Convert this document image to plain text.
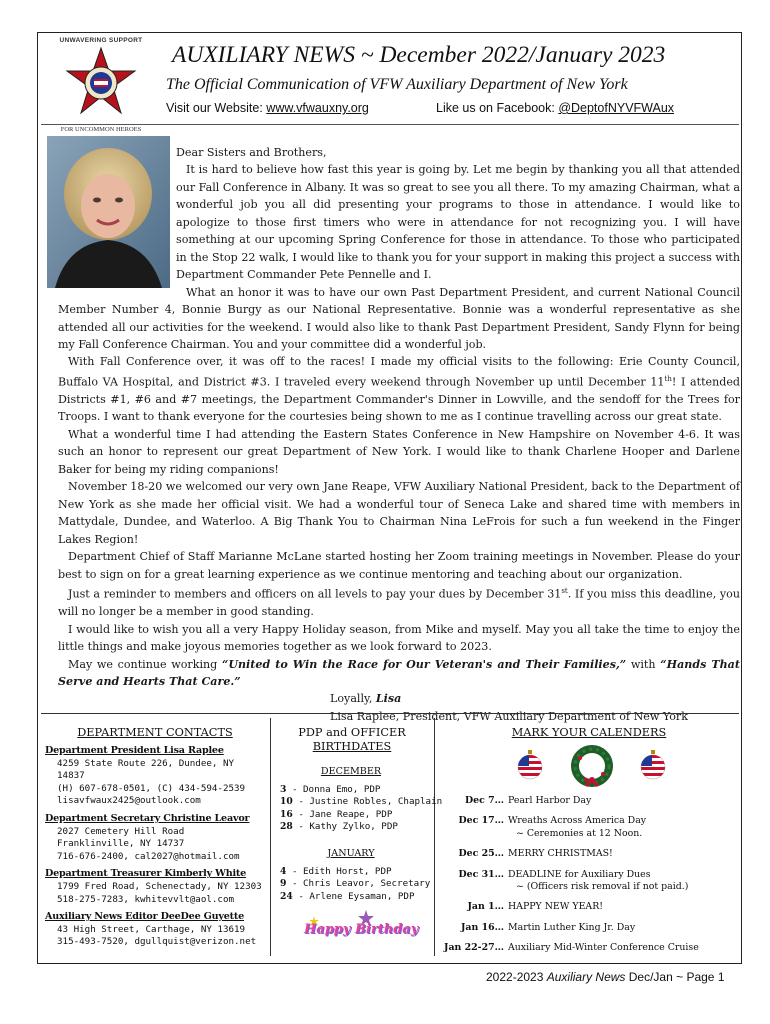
UNWAVERING SUPPORT
FOR UNCOMMON HEROES
AUXILIARY NEWS ~ December 2022/January 2023
The Official Communication of VFW Auxiliary Department of New York
Visit our Website: www.vfwauxny.org	Like us on Facebook: @DeptofNYVFWAux

Dear Sisters and Brothers,

It is hard to believe how fast this year is going by. Let me begin by thanking you all that attended our Fall Conference in Albany. It was so great to see you all there. To my amazing Chairman, what a wonderful job you all did presenting your programs to those in attendance. I would like to apologize to those first timers who were in attendance for not recognizing you. I will have something at our upcoming Spring Conference for those in attendance. To those who participated in the Stop 22 walk, I would like to thank you for your support in making this project a success with Department Commander Pete Pennelle and I.

What an honor it was to have our own Past Department President, and current National Council Member Number 4, Bonnie Burgy as our National Representative. Bonnie was a wonderful representative as she attended all our activities for the weekend. I would also like to thank Past Department President, Sandy Flynn for being my Fall Conference Chairman. You and your committee did a wonderful job.

With Fall Conference over, it was off to the races! I made my official visits to the following: Erie County Council, Buffalo VA Hospital, and District #3. I traveled every weekend through November up until December 11th! I attended Districts #1, #6 and #7 meetings, the Department Commander's Dinner in Lowville, and the sendoff for the Trees for Troops. I want to thank everyone for the courtesies being shown to me as I continue travelling across our great state.

What a wonderful time I had attending the Eastern States Conference in New Hampshire on November 4-6. It was such an honor to represent our great Department of New York. I would like to thank Charlene Hooper and Darlene Baker for being my riding companions!

November 18-20 we welcomed our very own Jane Reape, VFW Auxiliary National President, back to the Department of New York as she made her official visit. We had a wonderful tour of Seneca Lake and shared time with members in Mattydale, Dundee, and Waterloo. A Big Thank You to Chairman Nina LeFrois for such a fun weekend in the Finger Lakes Region!

Department Chief of Staff Marianne McLane started hosting her Zoom training meetings in November. Please do your best to sign on for a great learning experience as we continue mentoring and teaching about our organization.

Just a reminder to members and officers on all levels to pay your dues by December 31st. If you miss this deadline, you will no longer be a member in good standing.

I would like to wish you all a very Happy Holiday season, from Mike and myself. May you all take the time to enjoy the little things and make joyous memories together as we look forward to 2023.

May we continue working “United to Win the Race for Our Veteran's and Their Families,” with “Hands That Serve and Hearts That Care.”

Loyally, Lisa

Lisa Raplee, President, VFW Auxiliary Department of New York

DEPARTMENT CONTACTS
Department President Lisa Raplee
4259 State Route 226, Dundee, NY 14837
(H) 607-678-0501, (C) 434-594-2539
lisavfwaux2425@outlook.com
Department Secretary Christine Leavor
2027 Cemetery Hill Road
Franklinville, NY 14737
716-676-2400, cal2027@hotmail.com
Department Treasurer Kimberly White
1799 Fred Road, Schenectady, NY 12303
518-275-7283, kwhitevvlt@aol.com
Auxiliary News Editor DeeDee Guyette
43 High Street, Carthage, NY 13619
315-493-7520, dgullquist@verizon.net
PDP and OFFICER
BIRTHDATES
DECEMBER
3 - Donna Emo, PDP
10 - Justine Robles, Chaplain
16 - Jane Reape, PDP
28 - Kathy Zylko, PDP
JANUARY
4 - Edith Horst, PDP
9 - Chris Leavor, Secretary
24 - Arlene Eysaman, PDP
Happy Birthday
MARK YOUR CALENDERS
Dec 7… Pearl Harbor Day
Dec 17… Wreaths Across America Day
~ Ceremonies at 12 Noon.
Dec 25… MERRY CHRISTMAS!
Dec 31… DEADLINE for Auxiliary Dues
~ (Officers risk removal if not paid.)
Jan 1… HAPPY NEW YEAR!
Jan 16… Martin Luther King Jr. Day
Jan 22-27… Auxiliary Mid-Winter Conference Cruise
2022-2023 Auxiliary News Dec/Jan ~ Page 1
